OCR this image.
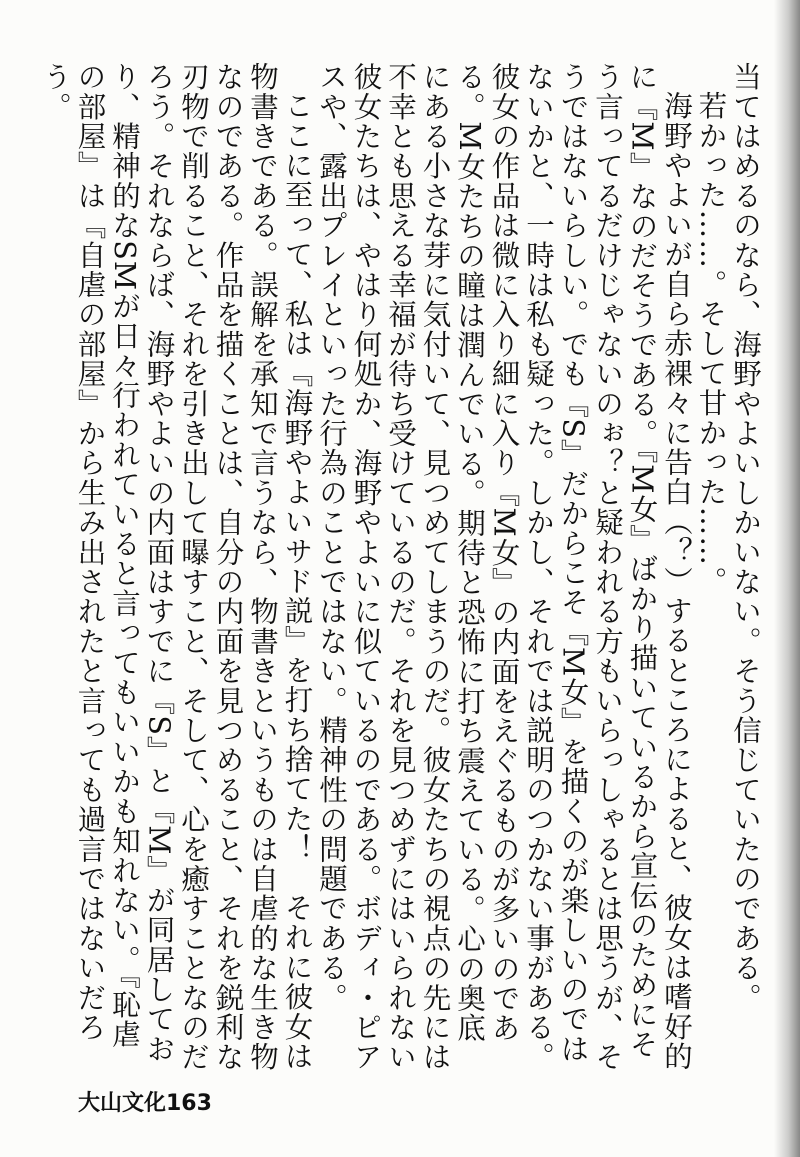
当てはめるのなら、海野やよいしかいない。そう信じていたのである。

若かった……。そして甘かった……。

海野やよいが自ら赤裸々に告白（？）するところによると、彼女は嗜好的に『M』なのだそうである。『M女』ばかり描いているから宣伝のためにそう言ってるだけじゃないのぉ？と疑われる方もいらっしゃるとは思うが、そうではないらしい。でも『S』だからこそ『M女』を描くのが楽しいのではないかと、一時は私も疑った。しかし、それでは説明のつかない事がある。彼女の作品は微に入り細に入り『M女』の内面をえぐるものが多いのである。M女たちの瞳は潤んでいる。期待と恐怖に打ち震えている。心の奥底にある小さな芽に気付いて、見つめてしまうのだ。彼女たちの視点の先には不幸とも思える幸福が待ち受けているのだ。それを見つめずにはいられない彼女たちは、やはり何処か、海野やよいに似ているのである。ボディ・ピアスや、露出プレイといった行為のことではない。精神性の問題である。

ここに至って、私は『海野やよいサド説』を打ち捨てた！　それに彼女は物書きである。誤解を承知で言うなら、物書きというものは自虐的な生き物なのである。作品を描くことは、自分の内面を見つめること、それを鋭利な刃物で削ること、それを引き出して曝すこと、そして、心を癒すことなのだろう。それならば、海野やよいの内面はすでに『S』と『M』が同居しており、精神的なSMが日々行われていると言ってもいいかも知れない。『恥虐の部屋』は『自虐の部屋』から生み出されたと言っても過言ではないだろう。

大山文化163
